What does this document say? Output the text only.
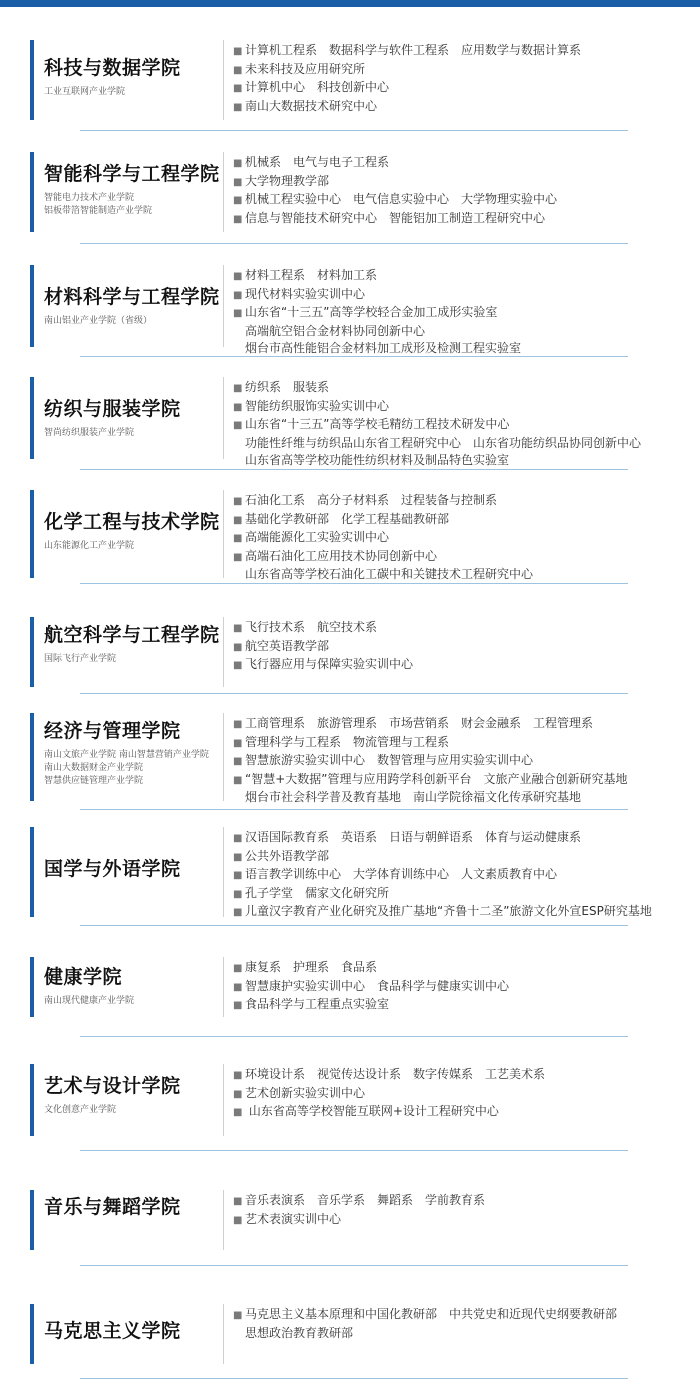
科技与数据学院
工业互联网产业学院
■ 计算机工程系　数据科学与软件工程系　应用数学与数据计算系
■ 未来科技及应用研究所
■ 计算机中心　科技创新中心
■ 南山大数据技术研究中心
智能科学与工程学院
智能电力技术产业学院
铝板带箔智能制造产业学院
■ 机械系　电气与电子工程系
■ 大学物理教学部
■ 机械工程实验中心　电气信息实验中心　大学物理实验中心
■ 信息与智能技术研究中心　智能铝加工制造工程研究中心
材料科学与工程学院
南山铝业产业学院（省级）
■ 材料工程系　材料加工系
■ 现代材料实验实训中心
■ 山东省“十三五”高等学校轻合金加工成形实验室
高端航空铝合金材料协同创新中心
烟台市高性能铝合金材料加工成形及检测工程实验室
纺织与服装学院
智尚纺织服装产业学院
■ 纺织系　服装系
■ 智能纺织服饰实验实训中心
■ 山东省“十三五”高等学校毛精纺工程技术研发中心
功能性纤维与纺织品山东省工程研究中心　山东省功能纺织品协同创新中心
山东省高等学校功能性纺织材料及制品特色实验室
化学工程与技术学院
山东能源化工产业学院
■ 石油化工系　高分子材料系　过程装备与控制系
■ 基础化学教研部　化学工程基础教研部
■ 高端能源化工实验实训中心
■ 高端石油化工应用技术协同创新中心
山东省高等学校石油化工碳中和关键技术工程研究中心
航空科学与工程学院
国际飞行产业学院
■ 飞行技术系　航空技术系
■ 航空英语教学部
■ 飞行器应用与保障实验实训中心
经济与管理学院
南山文旅产业学院 南山智慧营销产业学院
南山大数据财金产业学院
智慧供应链管理产业学院
■ 工商管理系　旅游管理系　市场营销系　财会金融系　工程管理系
■ 管理科学与工程系　物流管理与工程系
■ 智慧旅游实验实训中心　数智管理与应用实验实训中心
■ “智慧+大数据”管理与应用跨学科创新平台　文旅产业融合创新研究基地
烟台市社会科学普及教育基地　南山学院徐福文化传承研究基地
国学与外语学院
■ 汉语国际教育系　英语系　日语与朝鲜语系　体育与运动健康系
■ 公共外语教学部
■ 语言教学训练中心　大学体育训练中心　人文素质教育中心
■ 孔子学堂　儒家文化研究所
■ 儿童汉字教育产业化研究及推广基地“齐鲁十二圣”旅游文化外宣ESP研究基地
健康学院
南山现代健康产业学院
■ 康复系　护理系　食品系
■ 智慧康护实验实训中心　食品科学与健康实训中心
■ 食品科学与工程重点实验室
艺术与设计学院
文化创意产业学院
■ 环境设计系　视觉传达设计系　数字传媒系　工艺美术系
■ 艺术创新实验实训中心
■ 山东省高等学校智能互联网+设计工程研究中心
音乐与舞蹈学院	■ 音乐表演系　音乐学系　舞蹈系　学前教育系
■ 艺术表演实训中心
马克思主义学院
■ 马克思主义基本原理和中国化教研部　中共党史和近现代史纲要教研部
思想政治教育教研部
